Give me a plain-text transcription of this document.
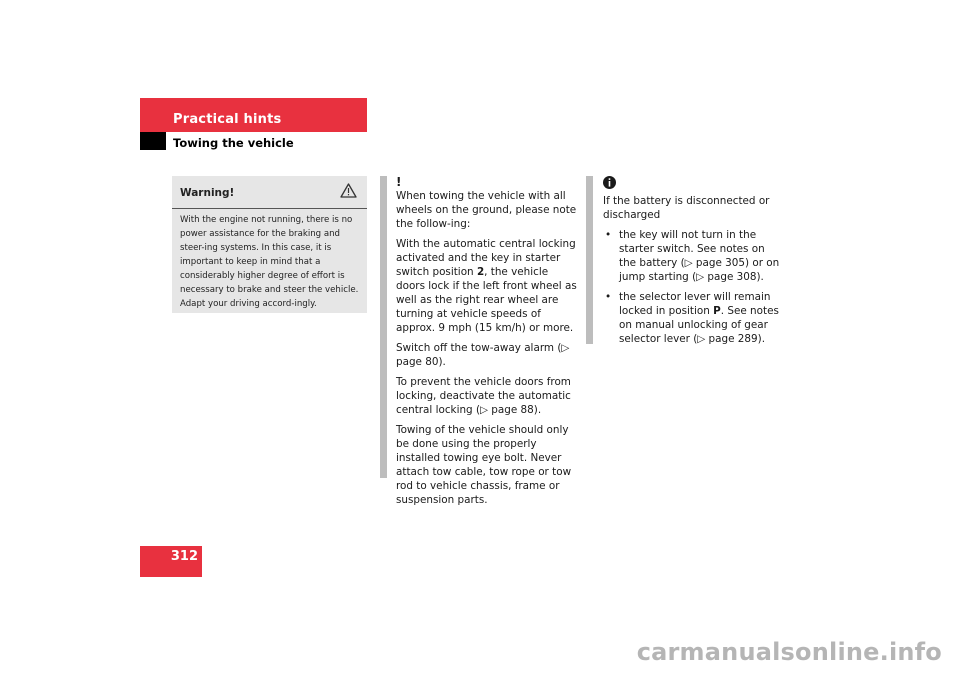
Practical hints
Towing the vehicle
Warning!
With the engine not running, there is no power assistance for the braking and steer-ing systems. In this case, it is important to keep in mind that a considerably higher degree of effort is necessary to brake and steer the vehicle. Adapt your driving accord-ingly.
!

When towing the vehicle with all wheels on the ground, please note the follow-ing:

With the automatic central locking activated and the key in starter switch position 2, the vehicle doors lock if the left front wheel as well as the right rear wheel are turning at vehicle speeds of approx. 9 mph (15 km/h) or more.

Switch off the tow-away alarm (▷ page 80).

To prevent the vehicle doors from locking, deactivate the automatic central locking (▷ page 88).

Towing of the vehicle should only be done using the properly installed towing eye bolt. Never attach tow cable, tow rope or tow rod to vehicle chassis, frame or suspension parts.

If the battery is disconnected or discharged

• the key will not turn in the starter switch. See notes on the battery (▷ page 305) or on jump starting (▷ page 308).
• the selector lever will remain locked in position P. See notes on manual unlocking of gear selector lever (▷ page 289).
312
carmanualsonline.info
